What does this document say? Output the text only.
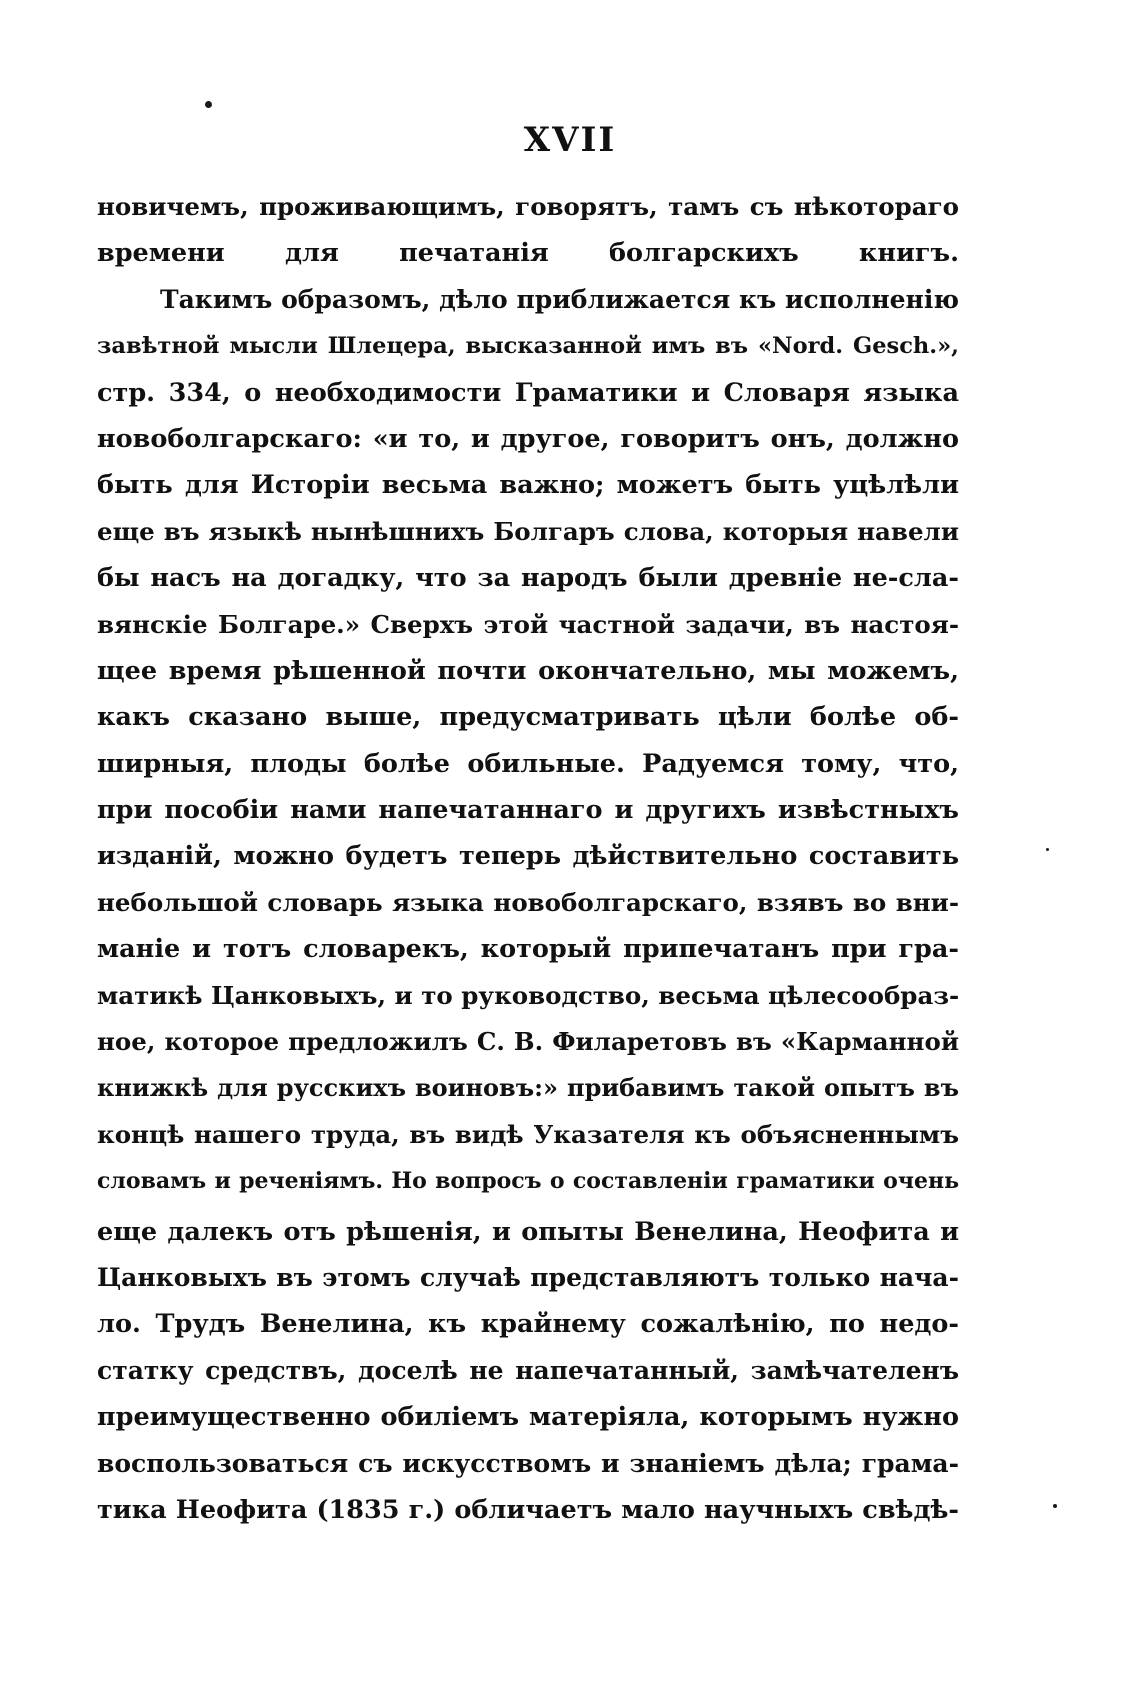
XVII
новичемъ, проживающимъ, говорятъ, тамъ съ нѣкотораго
времени для печатанія болгарскихъ книгъ.
Такимъ образомъ, дѣло приближается къ исполненію
завѣтной мысли Шлецера, высказанной имъ въ «Nord. Gesch.»,
стр. 334, о необходимости Граматики и Словаря языка
новоболгарскаго: «и то, и другое, говоритъ онъ, должно
быть для Исторіи весьма важно; можетъ быть уцѣлѣли
еще въ языкѣ нынѣшнихъ Болгаръ слова, которыя навели
бы насъ на догадку, что за народъ были древніе не-сла-
вянскіе Болгаре.» Сверхъ этой частной задачи, въ настоя-
щее время рѣшенной почти окончательно, мы можемъ,
какъ сказано выше, предусматривать цѣли болѣе об-
ширныя, плоды болѣе обильные. Радуемся тому, что,
при пособіи нами напечатаннаго и другихъ извѣстныхъ
изданій, можно будетъ теперь дѣйствительно составить
небольшой словарь языка новоболгарскаго, взявъ во вни-
маніе и тотъ словарекъ, который припечатанъ при гра-
матикѣ Цанковыхъ, и то руководство, весьма цѣлесообраз-
ное, которое предложилъ С. В. Филаретовъ въ «Карманной
книжкѣ для русскихъ воиновъ:» прибавимъ такой опытъ въ
концѣ нашего труда, въ видѣ Указателя къ объясненнымъ
словамъ и реченіямъ. Но вопросъ о составленіи граматики очень
еще далекъ отъ рѣшенія, и опыты Венелина, Неофита и
Цанковыхъ въ этомъ случаѣ представляютъ только нача-
ло. Трудъ Венелина, къ крайнему сожалѣнію, по недо-
статку средствъ, доселѣ не напечатанный, замѣчателенъ
преимущественно обиліемъ матеріяла, которымъ нужно
воспользоваться съ искусствомъ и знаніемъ дѣла; грама-
тика Неофита (1835 г.) обличаетъ мало научныхъ свѣдѣ-
